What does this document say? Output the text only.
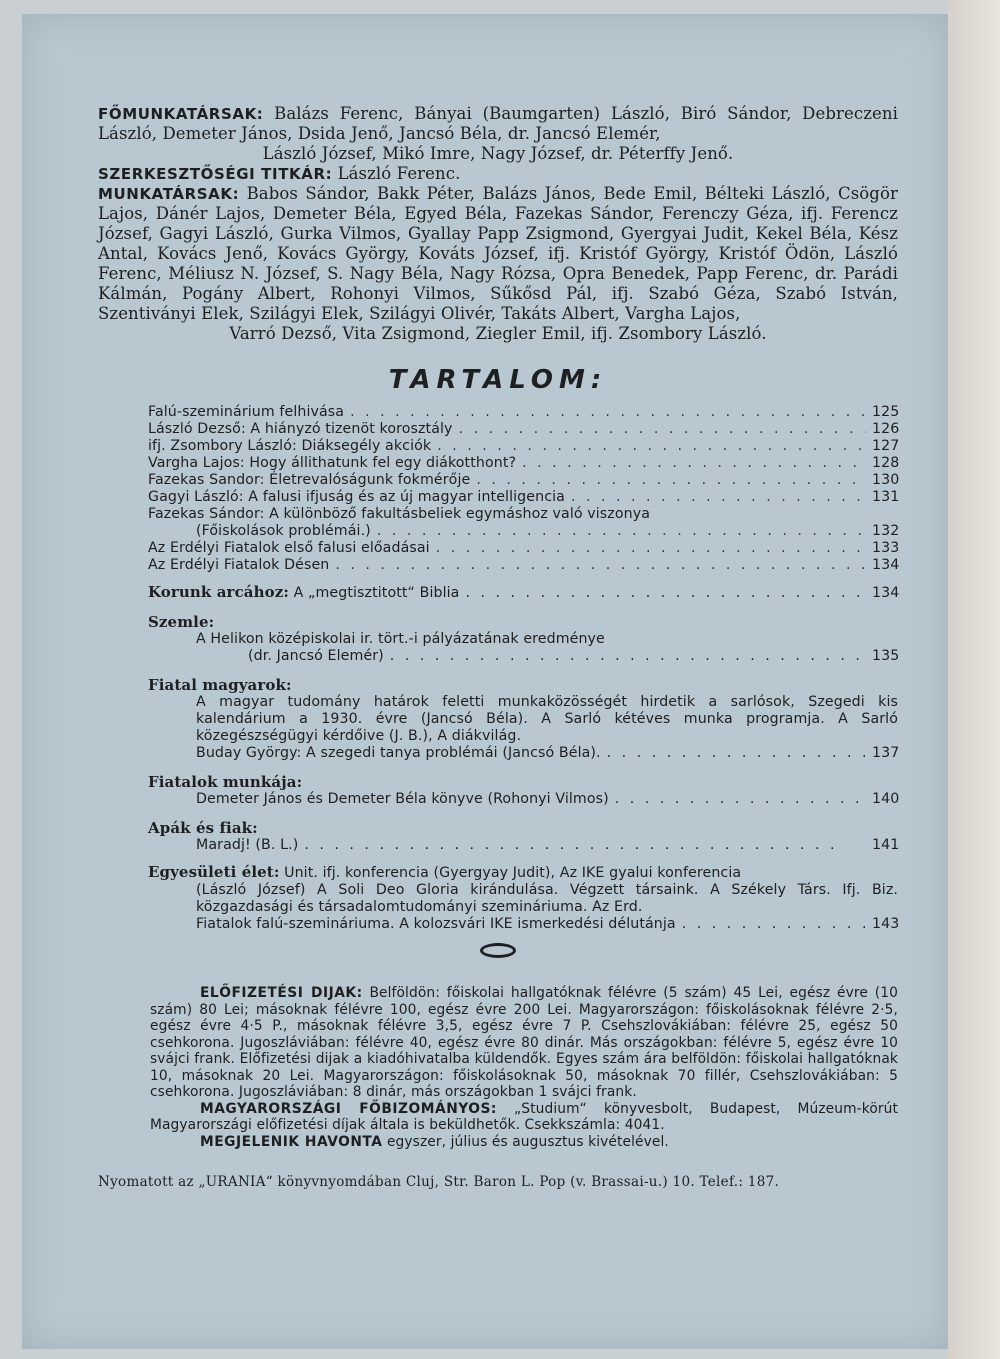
FŐMUNKATÁRSAK: Balázs Ferenc, Bányai (Baumgarten) László, Biró Sándor, Debreczeni László, Demeter János, Dsida Jenő, Jancsó Béla, dr. Jancsó Elemér,

László József, Mikó Imre, Nagy József, dr. Péterffy Jenő.

SZERKESZTŐSÉGI TITKÁR: László Ferenc.

MUNKATÁRSAK: Babos Sándor, Bakk Péter, Balázs János, Bede Emil, Bélteki László, Csögör Lajos, Dánér Lajos, Demeter Béla, Egyed Béla, Fazekas Sándor, Ferenczy Géza, ifj. Ferencz József, Gagyi László, Gurka Vilmos, Gyallay Papp Zsigmond, Gyergyai Judit, Kekel Béla, Kész Antal, Kovács Jenő, Kovács György, Kováts József, ifj. Kristóf György, Kristóf Ödön, László Ferenc, Méliusz N. József, S. Nagy Béla, Nagy Rózsa, Opra Benedek, Papp Ferenc, dr. Parádi Kálmán, Pogány Albert, Rohonyi Vilmos, Sűkősd Pál, ifj. Szabó Géza, Szabó István, Szentiványi Elek, Szilágyi Elek, Szilágyi Olivér, Takáts Albert, Vargha Lajos,

Varró Dezső, Vita Zsigmond, Ziegler Emil, ifj. Zsombory László.

TARTALOM:
Falú-szeminárium felhivása . . .	125
László Dezső: A hiányzó tizenöt korosztály . . .	126
ifj. Zsombory László: Diáksegély akciók . . .	127
Vargha Lajos: Hogy állithatunk fel egy diákotthont? . . .	128
Fazekas Sandor: Életrevalóságunk fokmérője . . .	130
Gagyi László: A falusi ifjuság és az új magyar intelligencia . . .	131
Fazekas Sándor: A különböző fakultásbeliek egymáshoz való viszonya
(Főiskolások problémái.) . . .	132
Az Erdélyi Fiatalok első falusi előadásai . . .	133
Az Erdélyi Fiatalok Désen . . .	134
Korunk arcához:
A „megtisztitott“ Biblia . . .	134
Szemle:
A Helikon középiskolai ir. tört.-i pályázatának eredménye
(dr. Jancsó Elemér) . . .	135
Fiatal magyarok:
A magyar tudomány határok feletti munkaközösségét hirdetik a sarlósok, Szegedi kis kalendárium a 1930. évre (Jancsó Béla). A Sarló kétéves munka programja. A Sarló közegészségügyi kérdőive (J. B.), A diákvilág.
Buday György: A szegedi tanya problémái (Jancsó Béla). . . .	137
Fiatalok munkája:
Demeter János és Demeter Béla könyve (Rohonyi Vilmos) . . .	140
Apák és fiak:
Maradj! (B. L.) . . .	141
Egyesületi élet:
Unit. ifj. konferencia (Gyergyay Judit), Az IKE gyalui konferencia
(László József) A Soli Deo Gloria kirándulása. Végzett társaink. A Székely Társ. Ifj. Biz. közgazdasági és társadalomtudományi szemináriuma. Az Erd.
Fiatalok falú-szemináriuma. A kolozsvári IKE ismerkedési délutánja . . .	143

ELŐFIZETÉSI DIJAK: Belföldön: főiskolai hallgatóknak félévre (5 szám) 45 Lei, egész évre (10 szám) 80 Lei; másoknak félévre 100, egész évre 200 Lei. Magyarországon: főiskolásoknak félévre 2·5, egész évre 4·5 P., másoknak félévre 3,5, egész évre 7 P. Csehszlovákiában: félévre 25, egész 50 csehkorona. Jugoszláviában: félévre 40, egész évre 80 dinár. Más országokban: félévre 5, egész évre 10 svájci frank. Előfizetési dijak a kiadóhivatalba küldendők. Egyes szám ára belföldön: főiskolai hallgatóknak 10, másoknak 20 Lei. Magyarországon: főiskolásoknak 50, másoknak 70 fillér, Csehszlovákiában: 5 csehkorona. Jugoszláviában: 8 dinár, más országokban 1 svájci frank.

MAGYARORSZÁGI FŐBIZOMÁNYOS: „Studium“ könyvesbolt, Budapest, Múzeum-körút Magyarországi előfizetési díjak általa is beküldhetők. Csekkszámla: 4041.

MEGJELENIK HAVONTA egyszer, július és augusztus kivételével.

Nyomatott az „URANIA“ könyvnyomdában Cluj, Str. Baron L. Pop (v. Brassai-u.) 10. Telef.: 187.
